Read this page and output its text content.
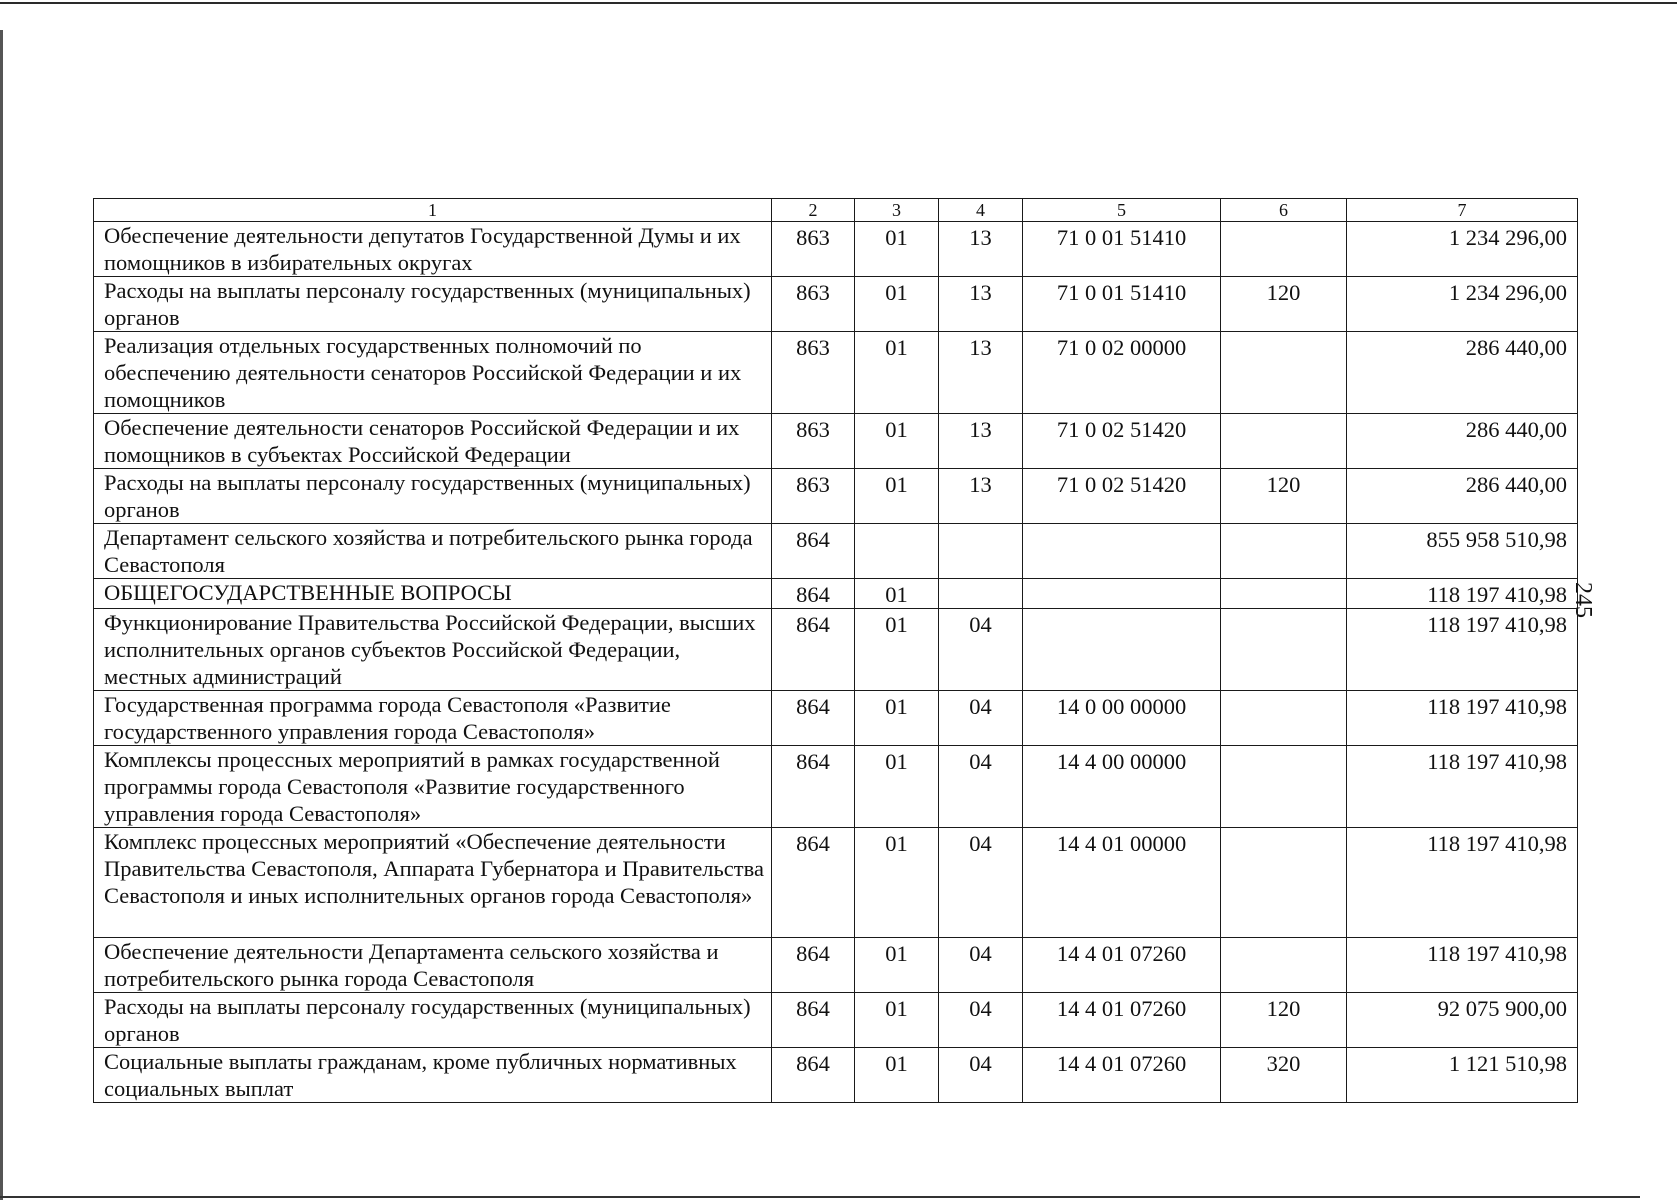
245
1	2	3	4	5	6	7
Обеспечение деятельности депутатов Государственной Думы и их помощников в избирательных округах	863	01	13	71 0 01 51410		1 234 296,00
Расходы на выплаты персоналу государственных (муниципальных) органов	863	01	13	71 0 01 51410	120	1 234 296,00
Реализация отдельных государственных полномочий по обеспечению деятельности сенаторов Российской Федерации и их помощников	863	01	13	71 0 02 00000		286 440,00
Обеспечение деятельности сенаторов Российской Федерации и их помощников в субъектах Российской Федерации	863	01	13	71 0 02 51420		286 440,00
Расходы на выплаты персоналу государственных (муниципальных) органов	863	01	13	71 0 02 51420	120	286 440,00
Департамент сельского хозяйства и потребительского рынка города Севастополя	864					855 958 510,98
ОБЩЕГОСУДАРСТВЕННЫЕ ВОПРОСЫ	864	01				118 197 410,98
Функционирование Правительства Российской Федерации, высших исполнительных органов субъектов Российской Федерации, местных администраций	864	01	04			118 197 410,98
Государственная программа города Севастополя «Развитие государственного управления города Севастополя»	864	01	04	14 0 00 00000		118 197 410,98
Комплексы процессных мероприятий в рамках государственной программы города Севастополя «Развитие государственного управления города Севастополя»	864	01	04	14 4 00 00000		118 197 410,98
Комплекс процессных мероприятий «Обеспечение деятельности Правительства Севастополя, Аппарата Губернатора и Правительства Севастополя и иных исполнительных органов города Севастополя»	864	01	04	14 4 01 00000		118 197 410,98
Обеспечение деятельности Департамента сельского хозяйства и потребительского рынка города Севастополя	864	01	04	14 4 01 07260		118 197 410,98
Расходы на выплаты персоналу государственных (муниципальных) органов	864	01	04	14 4 01 07260	120	92 075 900,00
Социальные выплаты гражданам, кроме публичных нормативных социальных выплат	864	01	04	14 4 01 07260	320	1 121 510,98
